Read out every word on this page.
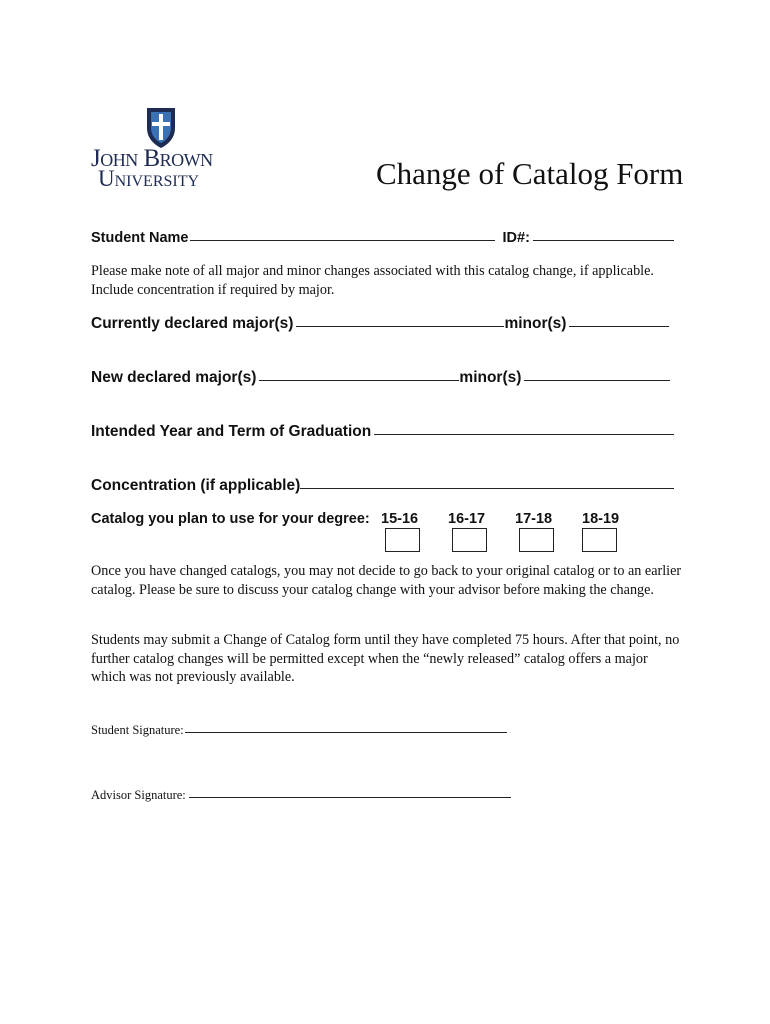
John Brown
University	Change of Catalog Form
Student Name	ID#:
Please make note of all major and minor changes associated with this catalog change, if applicable. Include concentration if required by major.
Currently declared major(s)	minor(s)
New declared major(s)	minor(s)
Intended Year and Term of Graduation
Concentration (if applicable)
Catalog you plan to use for your degree: 15-16 16-17 17-18 18-19
Once you have changed catalogs, you may not decide to go back to your original catalog or to an earlier catalog. Please be sure to discuss your catalog change with your advisor before making the change.
Students may submit a Change of Catalog form until they have completed 75 hours. After that point, no further catalog changes will be permitted except when the “newly released” catalog offers a major which was not previously available.
Student Signature:
Advisor Signature:
